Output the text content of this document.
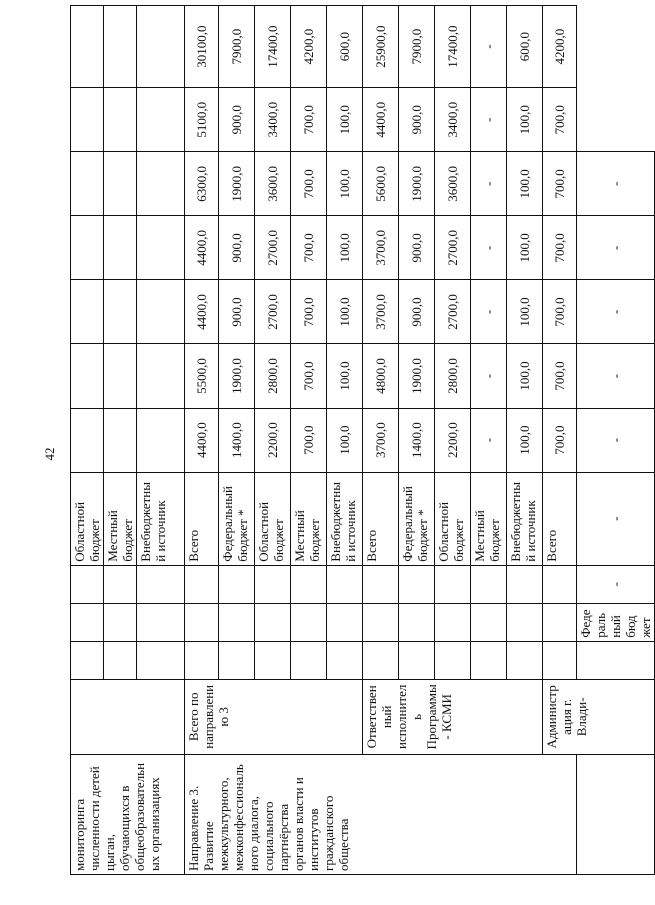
42
мониторинга численности детей цыган, обучающихся в общеобразовательных организациях					Областной бюджет							
					Местный бюджет							
					Внебюджетный источник							
Направление 3. Развитие межкультурного, межконфессионального диалога, социального партнёрства органов власти и институтов гражданского общества	Всего по направлению 3				Всего	4400,0	5500,0	4400,0	4400,0	6300,0	5100,0	30100,0
					Федеральный бюджет *	1400,0	1900,0	900,0	900,0	1900,0	900,0	7900,0
					Областной бюджет	2200,0	2800,0	2700,0	2700,0	3600,0	3400,0	17400,0
					Местный бюджет	700,0	700,0	700,0	700,0	700,0	700,0	4200,0
					Внебюджетный источник	100,0	100,0	100,0	100,0	100,0	100,0	600,0
	Ответственный исполнитель Программы - КСМИ				Всего	3700,0	4800,0	3700,0	3700,0	5600,0	4400,0	25900,0
					Федеральный бюджет *	1400,0	1900,0	900,0	900,0	1900,0	900,0	7900,0
					Областной бюджет	2200,0	2800,0	2700,0	2700,0	3600,0	3400,0	17400,0
					Местный бюджет	-	-	-	-	-	-	-
					Внебюджетный источник	100,0	100,0	100,0	100,0	100,0	100,0	600,0
	Администрация г. Влади-				Всего	700,0	700,0	700,0	700,0	700,0	700,0	4200,0
			Федеральный бюджет	-	-	-	-	-	-	-		
